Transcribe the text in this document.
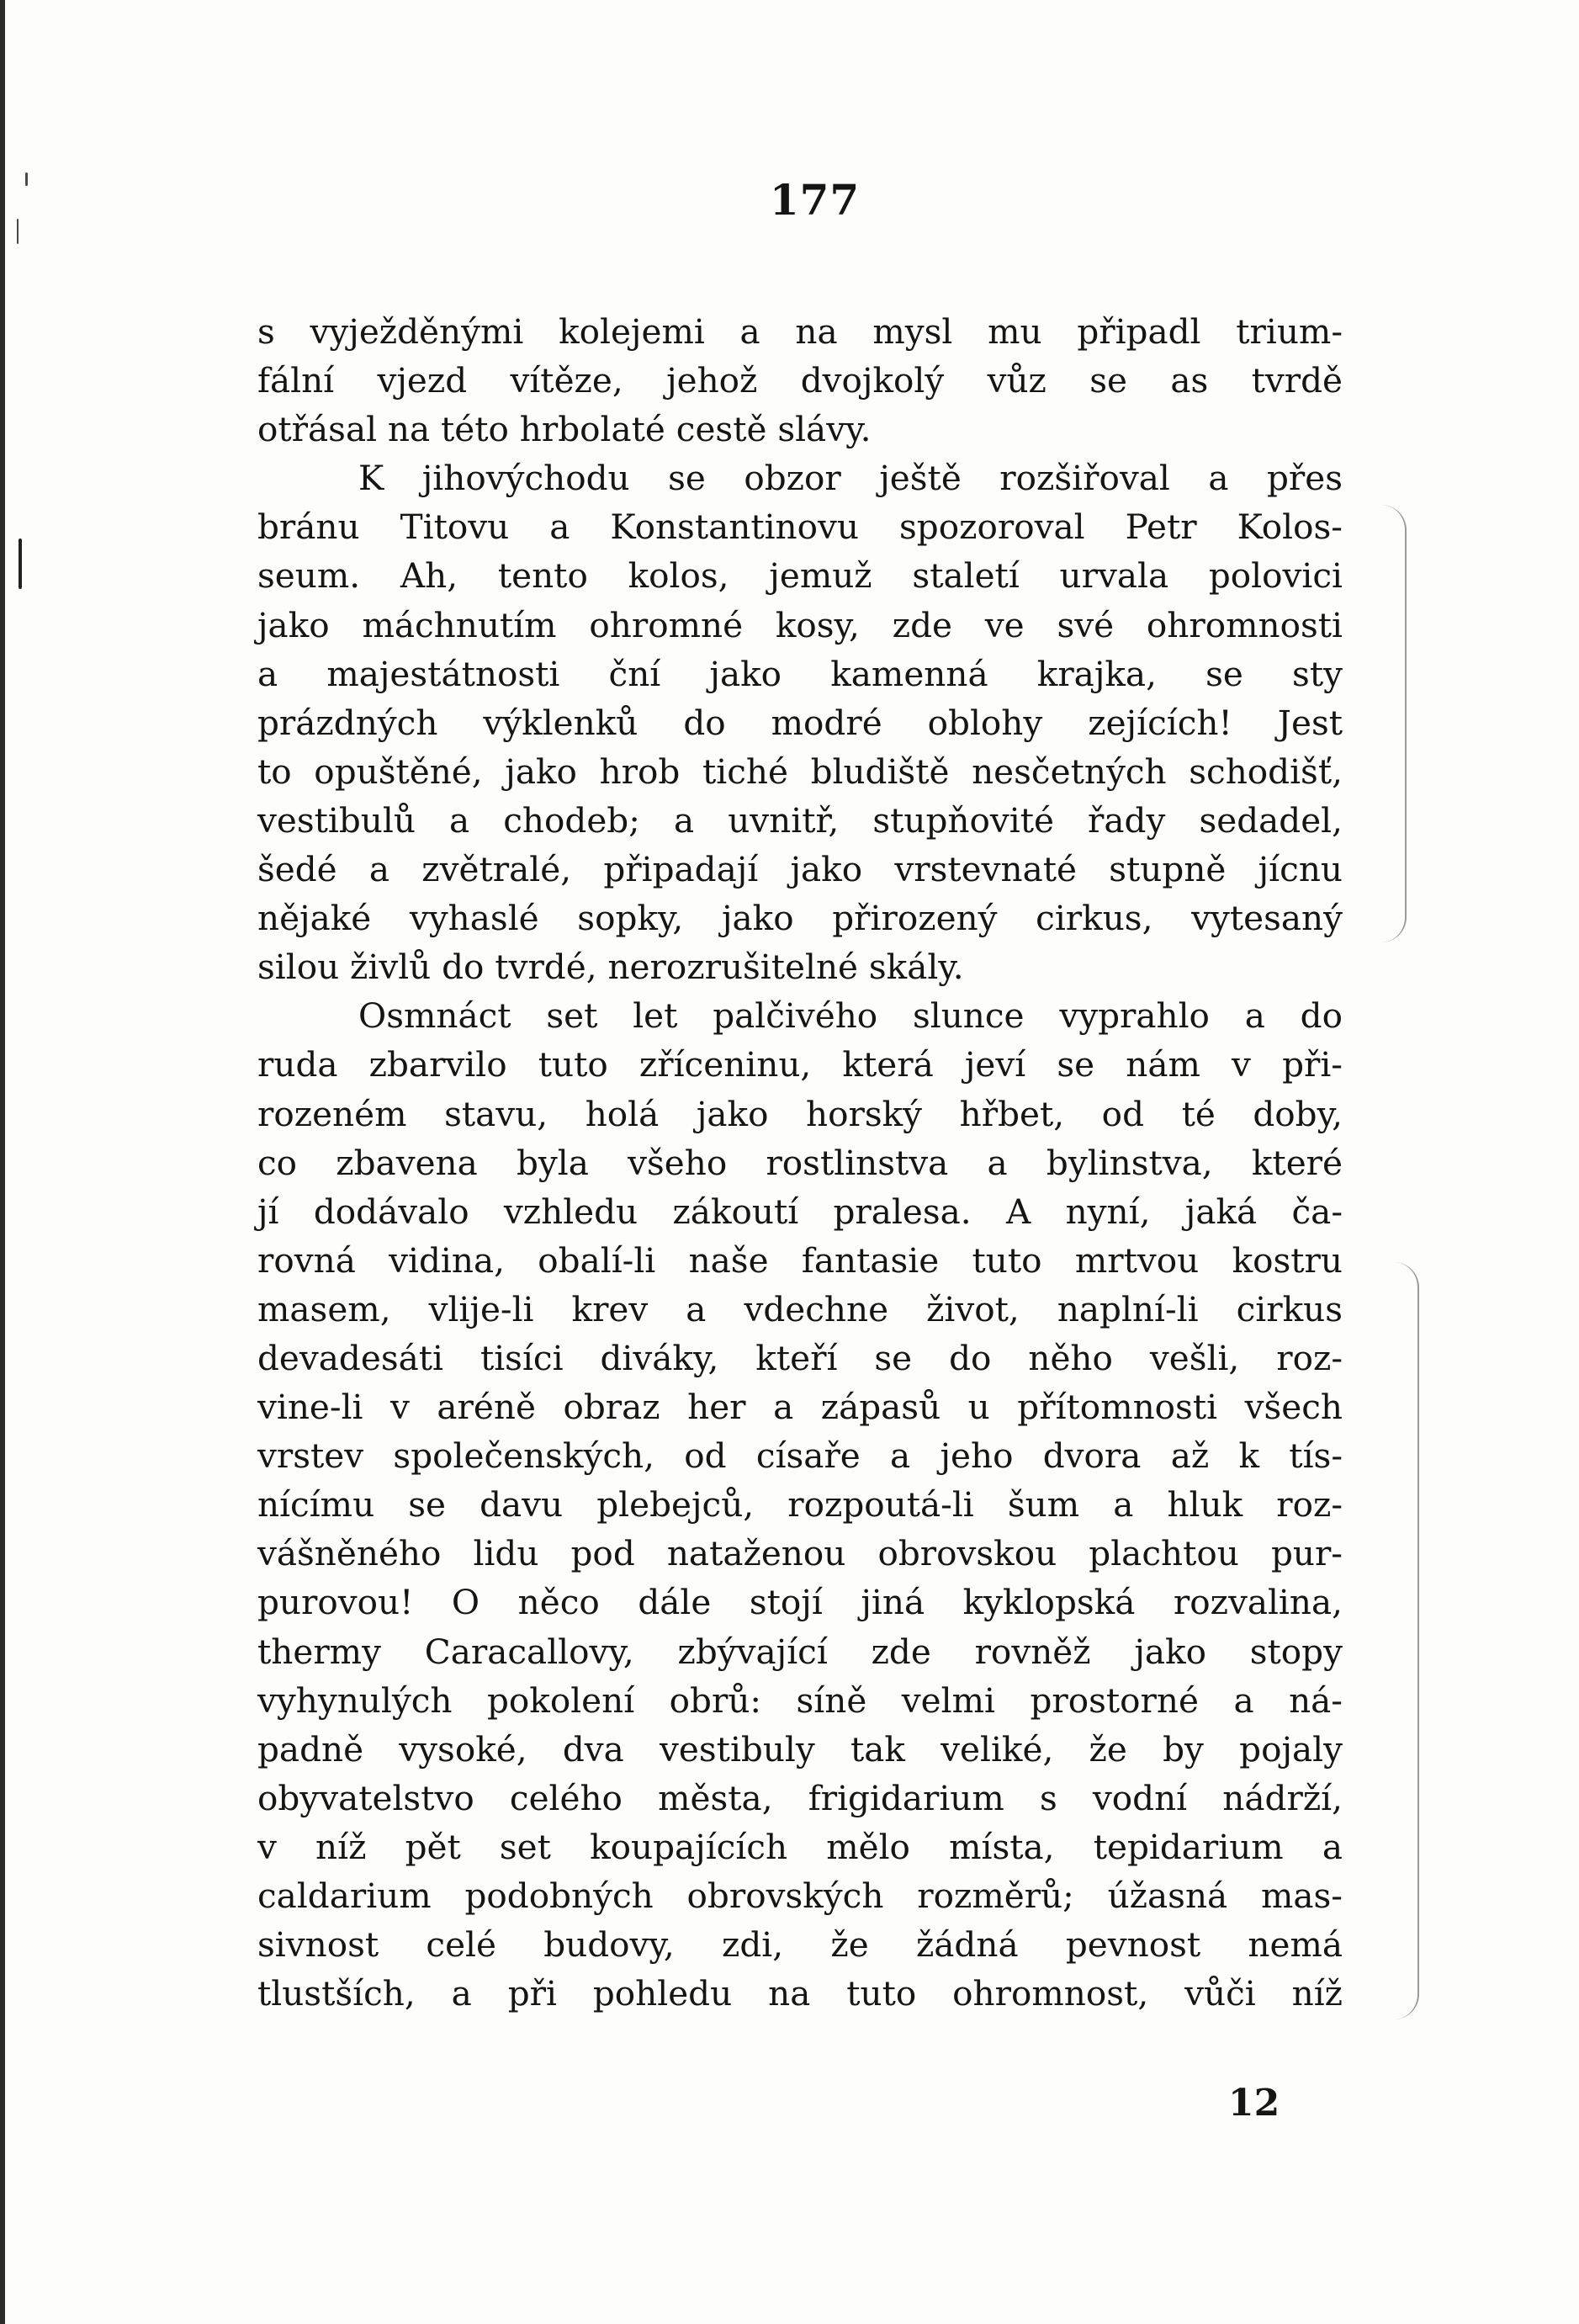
177
s vyježděnými kolejemi a na mysl mu připadl trium-
fální vjezd vítěze, jehož dvojkolý vůz se as tvrdě
otřásal na této hrbolaté cestě slávy.
K jihovýchodu se obzor ještě rozšiřoval a přes
bránu Titovu a Konstantinovu spozoroval Petr Kolos-
seum. Ah, tento kolos, jemuž staletí urvala polovici
jako máchnutím ohromné kosy, zde ve své ohromnosti
a majestátnosti ční jako kamenná krajka, se sty
prázdných výklenků do modré oblohy zejících! Jest
to opuštěné, jako hrob tiché bludiště nesčetných schodišť,
vestibulů a chodeb; a uvnitř, stupňovité řady sedadel,
šedé a zvětralé, připadají jako vrstevnaté stupně jícnu
nějaké vyhaslé sopky, jako přirozený cirkus, vytesaný
silou živlů do tvrdé, nerozrušitelné skály.
Osmnáct set let palčivého slunce vyprahlo a do
ruda zbarvilo tuto zříceninu, která jeví se nám v při-
rozeném stavu, holá jako horský hřbet, od té doby,
co zbavena byla všeho rostlinstva a bylinstva, které
jí dodávalo vzhledu zákoutí pralesa. A nyní, jaká ča-
rovná vidina, obalí-li naše fantasie tuto mrtvou kostru
masem, vlije-li krev a vdechne život, naplní-li cirkus
devadesáti tisíci diváky, kteří se do něho vešli, roz-
vine-li v aréně obraz her a zápasů u přítomnosti všech
vrstev společenských, od císaře a jeho dvora až k tís-
nícímu se davu plebejců, rozpoutá-li šum a hluk roz-
vášněného lidu pod nataženou obrovskou plachtou pur-
purovou! O něco dále stojí jiná kyklopská rozvalina,
thermy Caracallovy, zbývající zde rovněž jako stopy
vyhynulých pokolení obrů: síně velmi prostorné a ná-
padně vysoké, dva vestibuly tak veliké, že by pojaly
obyvatelstvo celého města, frigidarium s vodní nádrží,
v níž pět set koupajících mělo místa, tepidarium a
caldarium podobných obrovských rozměrů; úžasná mas-
sivnost celé budovy, zdi, že žádná pevnost nemá
tlustších, a při pohledu na tuto ohromnost, vůči níž
12
